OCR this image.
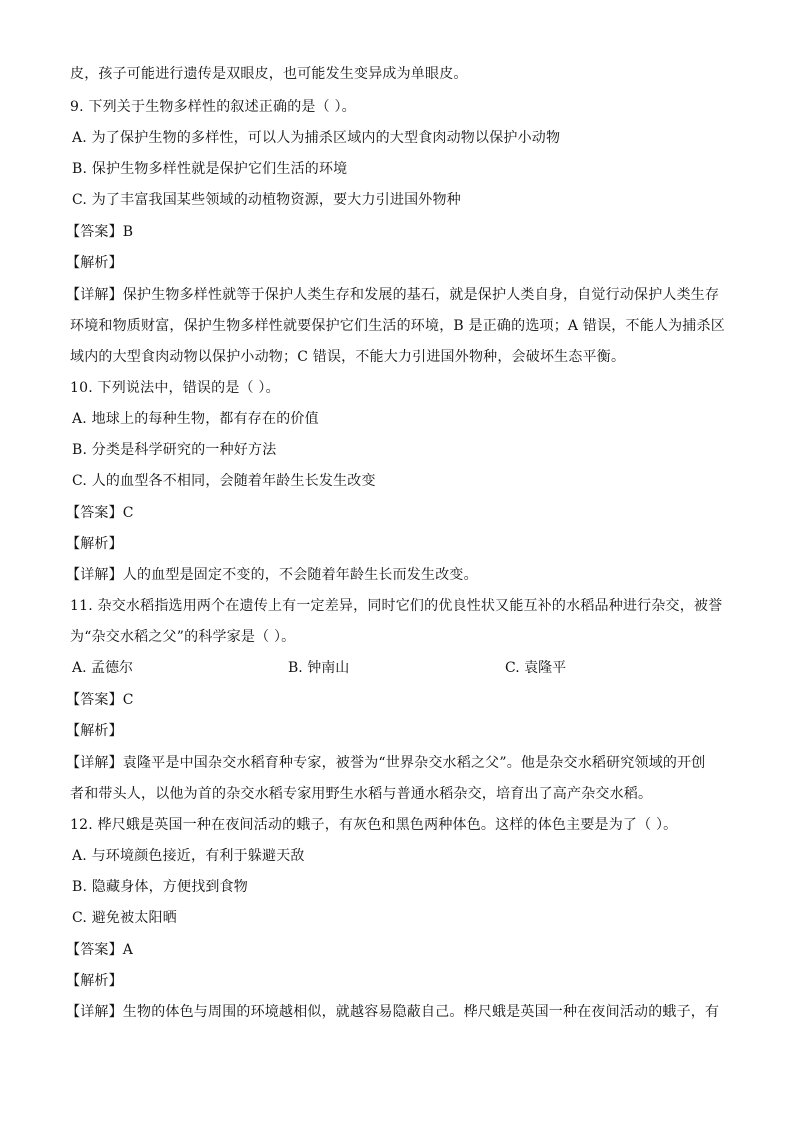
皮，孩子可能进行遗传是双眼皮，也可能发生变异成为单眼皮。
9. 下列关于生物多样性的叙述正确的是（ ）。
A. 为了保护生物的多样性，可以人为捕杀区域内的大型食肉动物以保护小动物
B. 保护生物多样性就是保护它们生活的环境
C. 为了丰富我国某些领域的动植物资源，要大力引进国外物种
【答案】B
【解析】
【详解】保护生物多样性就等于保护人类生存和发展的基石，就是保护人类自身，自觉行动保护人类生存
环境和物质财富，保护生物多样性就要保护它们生活的环境，B 是正确的选项；A 错误，不能人为捕杀区
域内的大型食肉动物以保护小动物；C 错误，不能大力引进国外物种，会破坏生态平衡。
10. 下列说法中，错误的是（ ）。
A. 地球上的每种生物，都有存在的价值
B. 分类是科学研究的一种好方法
C. 人的血型各不相同，会随着年龄生长发生改变
【答案】C
【解析】
【详解】人的血型是固定不变的，不会随着年龄生长而发生改变。
11. 杂交水稻指选用两个在遗传上有一定差异，同时它们的优良性状又能互补的水稻品种进行杂交，被誉
为“杂交水稻之父”的科学家是（ ）。
A. 孟德尔	B. 钟南山	C. 袁隆平
【答案】C
【解析】
【详解】袁隆平是中国杂交水稻育种专家，被誉为“世界杂交水稻之父”。他是杂交水稻研究领域的开创
者和带头人，以他为首的杂交水稻专家用野生水稻与普通水稻杂交，培育出了高产杂交水稻。
12. 桦尺蛾是英国一种在夜间活动的蛾子，有灰色和黑色两种体色。这样的体色主要是为了（ ）。
A. 与环境颜色接近，有利于躲避天敌
B. 隐藏身体，方便找到食物
C. 避免被太阳晒
【答案】A
【解析】
【详解】生物的体色与周围的环境越相似，就越容易隐蔽自己。桦尺蛾是英国一种在夜间活动的蛾子，有
